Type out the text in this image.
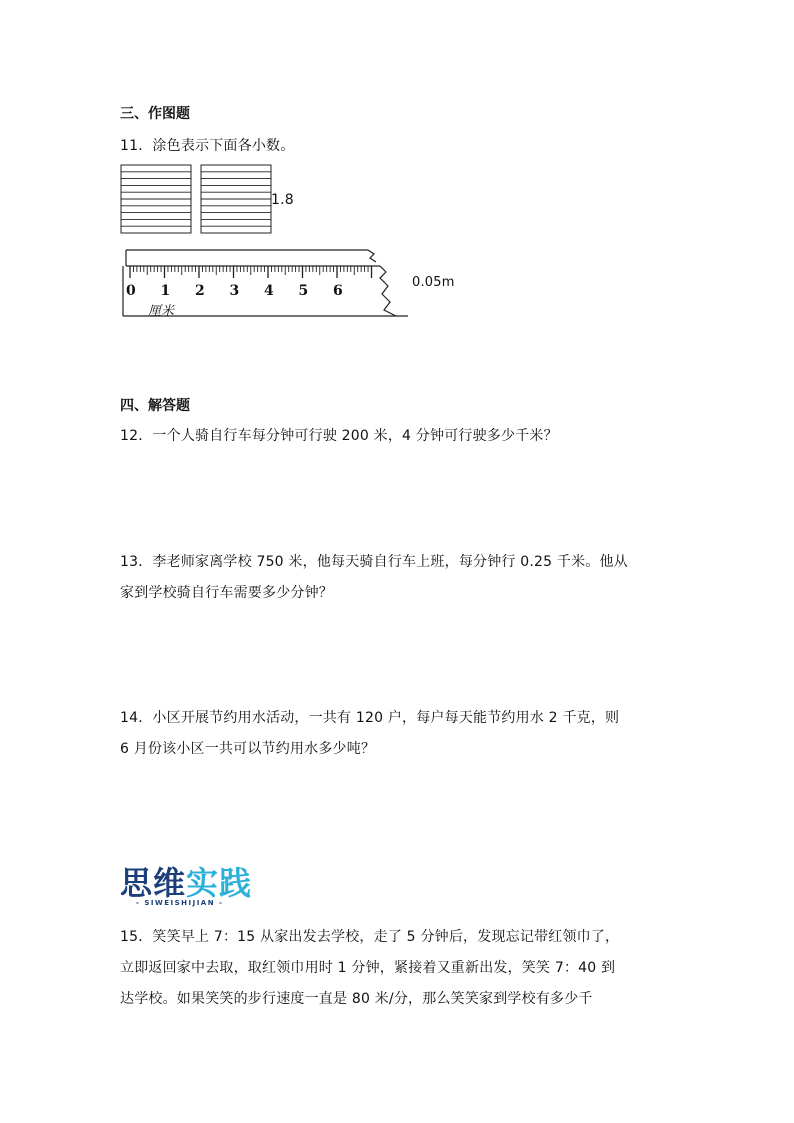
三、作图题
11．涂色表示下面各小数。
1.8
0 1 2 3 4 5 6
厘米
0.05m
四、解答题
12．一个人骑自行车每分钟可行驶 200 米，4 分钟可行驶多少千米？
13．李老师家离学校 750 米，他每天骑自行车上班，每分钟行 0.25 千米。他从
家到学校骑自行车需要多少分钟？
14．小区开展节约用水活动，一共有 120 户，每户每天能节约用水 2 千克，则
6 月份该小区一共可以节约用水多少吨？
思维实践
- SIWEISHIJIAN -
15．笑笑早上 7：15 从家出发去学校，走了 5 分钟后，发现忘记带红领巾了，
立即返回家中去取，取红领巾用时 1 分钟，紧接着又重新出发，笑笑 7：40 到
达学校。如果笑笑的步行速度一直是 80 米/分，那么笑笑家到学校有多少千
